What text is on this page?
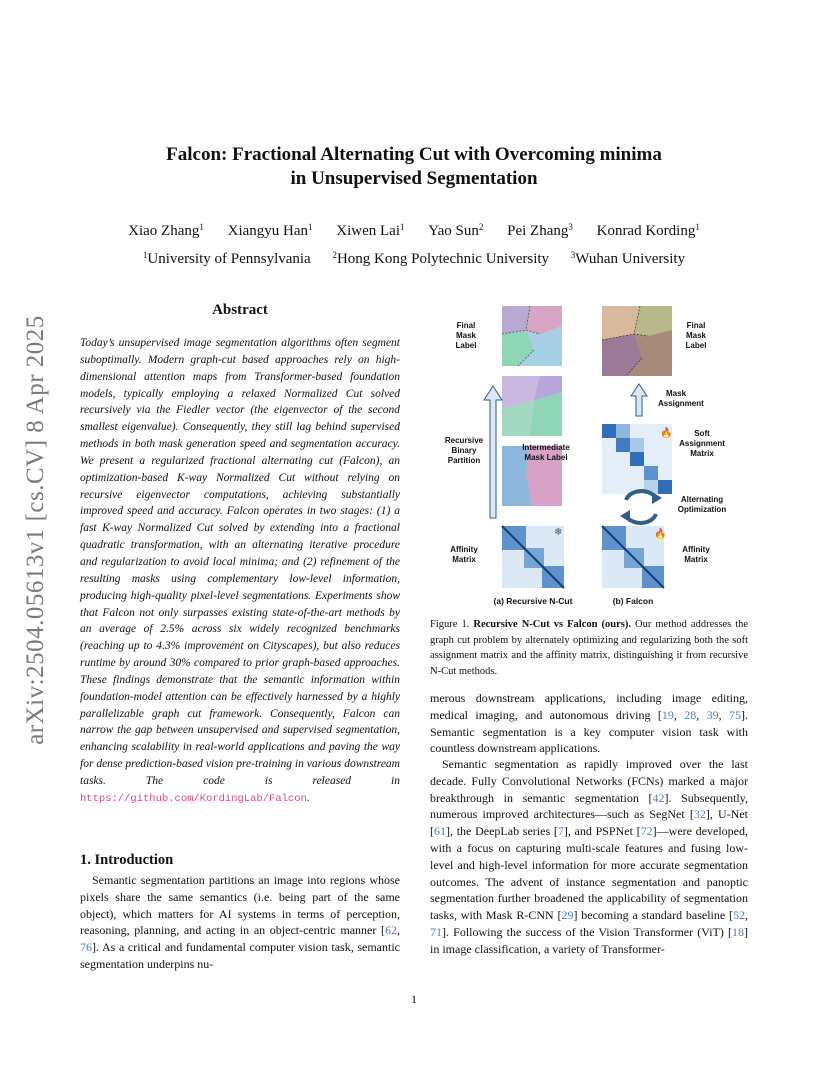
arXiv:2504.05613v1 [cs.CV] 8 Apr 2025
Falcon: Fractional Alternating Cut with Overcoming minima
in Unsupervised Segmentation
Xiao Zhang$^1$ Xiangyu Han$^1$ Xiwen Lai$^1$ Yao Sun$^2$ Pei Zhang$^3$ Konrad Kording$^1$
$^1$University of Pennsylvania $^2$Hong Kong Polytechnic University $^3$Wuhan University
Abstract

Today’s unsupervised image segmentation algorithms often segment suboptimally. Modern graph-cut based approaches rely on high-dimensional attention maps from Transformer-based foundation models, typically employing a relaxed Normalized Cut solved recursively via the Fiedler vector (the eigenvector of the second smallest eigenvalue). Consequently, they still lag behind supervised methods in both mask generation speed and segmentation accuracy. We present a regularized fractional alternating cut (Falcon), an optimization-based K-way Normalized Cut without relying on recursive eigenvector computations, achieving substantially improved speed and accuracy. Falcon operates in two stages: (1) a fast K-way Normalized Cut solved by extending into a fractional quadratic transformation, with an alternating iterative procedure and regularization to avoid local minima; and (2) refinement of the resulting masks using complementary low-level information, producing high-quality pixel-level segmentations. Experiments show that Falcon not only surpasses existing state-of-the-art methods by an average of 2.5% across six widely recognized benchmarks (reaching up to 4.3% improvement on Cityscapes), but also reduces runtime by around 30% compared to prior graph-based approaches. These findings demonstrate that the semantic information within foundation-model attention can be effectively harnessed by a highly parallelizable graph cut framework. Consequently, Falcon can narrow the gap between unsupervised and supervised segmentation, enhancing scalability in real-world applications and paving the way for dense prediction-based vision pre-training in various downstream tasks. The code is released in https://github.com/KordingLab/Falcon.

1. Introduction

Semantic segmentation partitions an image into regions whose pixels share the same semantics (i.e. being part of the same object), which matters for AI systems in terms of perception, reasoning, planning, and acting in an object-centric manner [62, 76]. As a critical and fundamental computer vision task, semantic segmentation underpins nu-

Final
Mask
Label
Recursive
Binary
Partition
Intermediate
Mask Label
Affinity
Matrix
❄
(a) Recursive N-Cut
Final
Mask
Label
Mask
Assignment
🔥	Soft
Assignment
Matrix
Alternating
Optimization
🔥
Affinity
Matrix
(b) Falcon

Figure 1. Recursive N-Cut vs Falcon (ours). Our method addresses the graph cut problem by alternately optimizing and regularizing both the soft assignment matrix and the affinity matrix, distinguishing it from recursive N-Cut methods.

merous downstream applications, including image editing, medical imaging, and autonomous driving [19, 28, 39, 75]. Semantic segmentation is a key computer vision task with countless downstream applications.

Semantic segmentation as rapidly improved over the last decade. Fully Convolutional Networks (FCNs) marked a major breakthrough in semantic segmentation [42]. Subsequently, numerous improved architectures—such as SegNet [32], U-Net [61], the DeepLab series [7], and PSPNet [72]—were developed, with a focus on capturing multi-scale features and fusing low-level and high-level information for more accurate segmentation outcomes. The advent of instance segmentation and panoptic segmentation further broadened the applicability of segmentation tasks, with Mask R-CNN [29] becoming a standard baseline [52, 71]. Following the success of the Vision Transformer (ViT) [18] in image classification, a variety of Transformer-

1
